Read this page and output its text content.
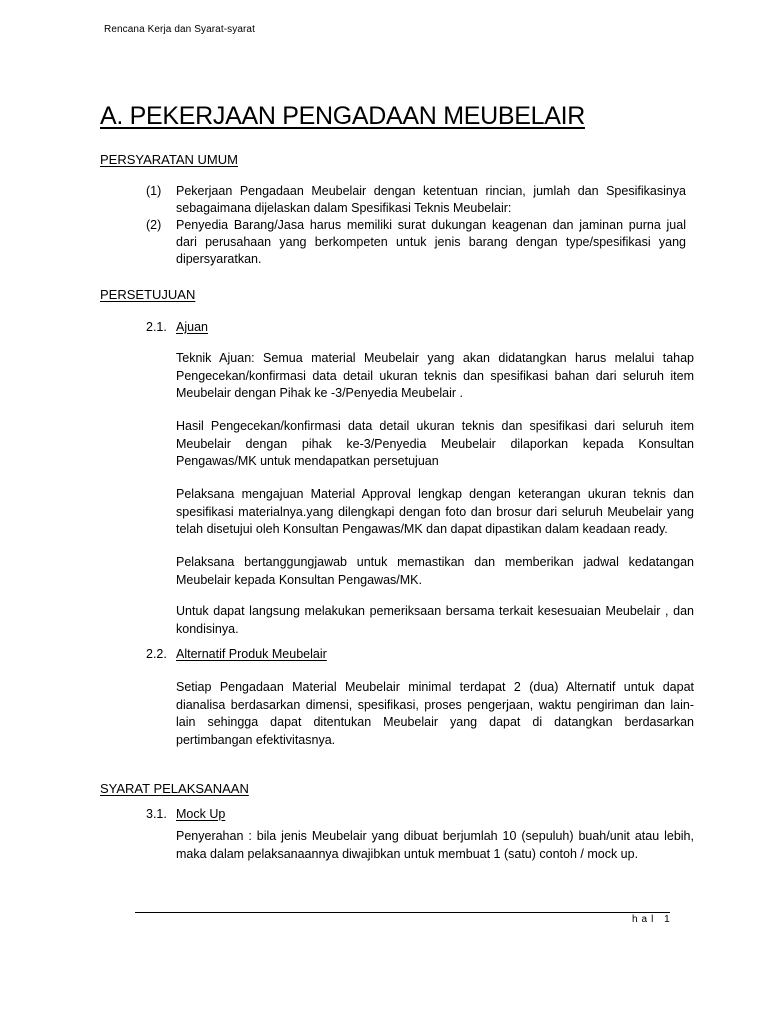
Rencana Kerja dan Syarat-syarat
A. PEKERJAAN PENGADAAN MEUBELAIR
PERSYARATAN UMUM
(1)	Pekerjaan Pengadaan Meubelair dengan ketentuan rincian, jumlah dan Spesifikasinya sebagaimana dijelaskan dalam Spesifikasi Teknis Meubelair:
(2)	Penyedia Barang/Jasa harus memiliki surat dukungan keagenan dan jaminan purna jual dari perusahaan yang berkompeten untuk jenis barang dengan type/spesifikasi yang dipersyaratkan.
PERSETUJUAN
2.1. Ajuan

Teknik Ajuan: Semua material Meubelair yang akan didatangkan harus melalui tahap Pengecekan/konfirmasi data detail ukuran teknis dan spesifikasi bahan dari seluruh item Meubelair dengan Pihak ke -3/Penyedia Meubelair .

Hasil Pengecekan/konfirmasi data detail ukuran teknis dan spesifikasi dari seluruh item Meubelair dengan pihak ke-3/Penyedia Meubelair dilaporkan kepada Konsultan Pengawas/MK untuk mendapatkan persetujuan

Pelaksana mengajuan Material Approval lengkap dengan keterangan ukuran teknis dan spesifikasi materialnya.yang dilengkapi dengan foto dan brosur dari seluruh Meubelair yang telah disetujui oleh Konsultan Pengawas/MK dan dapat dipastikan dalam keadaan ready.

Pelaksana bertanggungjawab untuk memastikan dan memberikan jadwal kedatangan Meubelair kepada Konsultan Pengawas/MK.

Untuk dapat langsung melakukan pemeriksaan bersama terkait kesesuaian Meubelair , dan kondisinya.

2.2. Alternatif Produk Meubelair

Setiap Pengadaan Material Meubelair minimal terdapat 2 (dua) Alternatif untuk dapat dianalisa berdasarkan dimensi, spesifikasi, proses pengerjaan, waktu pengiriman dan lain-lain sehingga dapat ditentukan Meubelair yang dapat di datangkan berdasarkan pertimbangan efektivitasnya.

SYARAT PELAKSANAAN
3.1. Mock Up

Penyerahan : bila jenis Meubelair yang dibuat berjumlah 10 (sepuluh) buah/unit atau lebih, maka dalam pelaksanaannya diwajibkan untuk membuat 1 (satu) contoh / mock up.

hal 1
